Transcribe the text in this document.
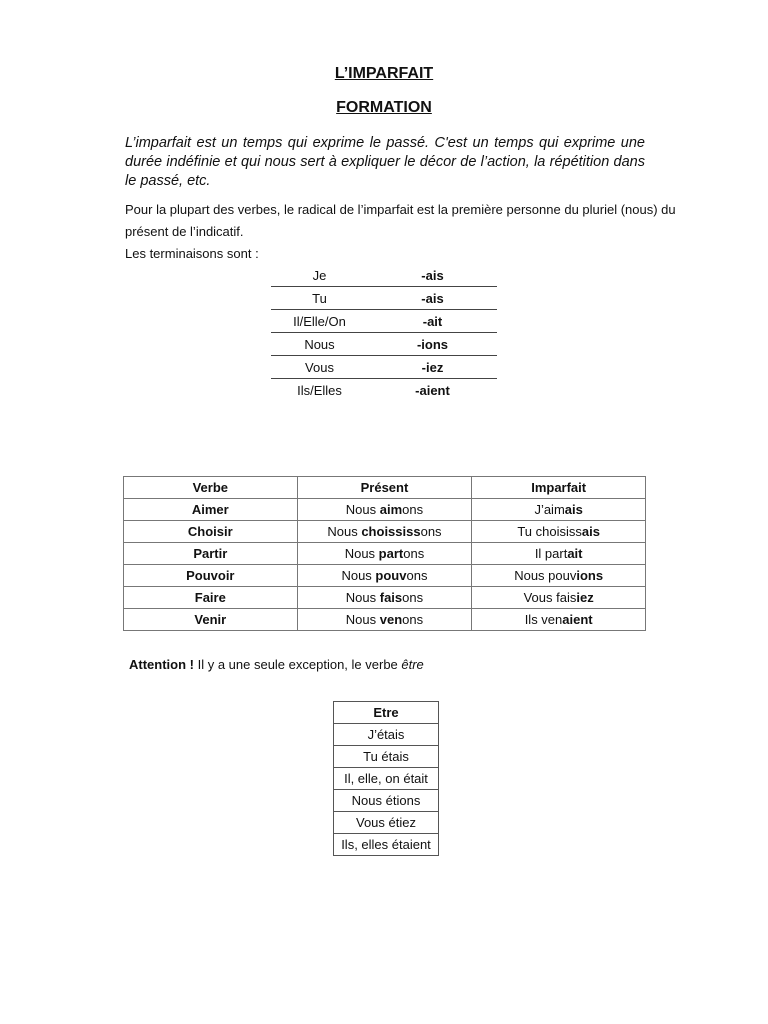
L’IMPARFAIT
FORMATION

L’imparfait est un temps qui exprime le passé. C'est un temps qui exprime une durée indéfinie et qui nous sert à expliquer le décor de l’action, la répétition dans le passé, etc.

Pour la plupart des verbes, le radical de l’imparfait est la première personne du pluriel (nous) du présent de l’indicatif.

Les terminaisons sont :

Je	-ais
Tu	-ais
Il/Elle/On	-ait
Nous	-ions
Vous	-iez
Ils/Elles	-aient
Verbe	Présent	Imparfait
Aimer	Nous aimons	J’aimais
Choisir	Nous choississons	Tu choisissais
Partir	Nous partons	Il partait
Pouvoir	Nous pouvons	Nous pouvions
Faire	Nous faisons	Vous faisiez
Venir	Nous venons	Ils venaient

Attention ! Il y a une seule exception, le verbe être

Etre
J’étais
Tu étais
Il, elle, on était
Nous étions
Vous étiez
Ils, elles étaient
